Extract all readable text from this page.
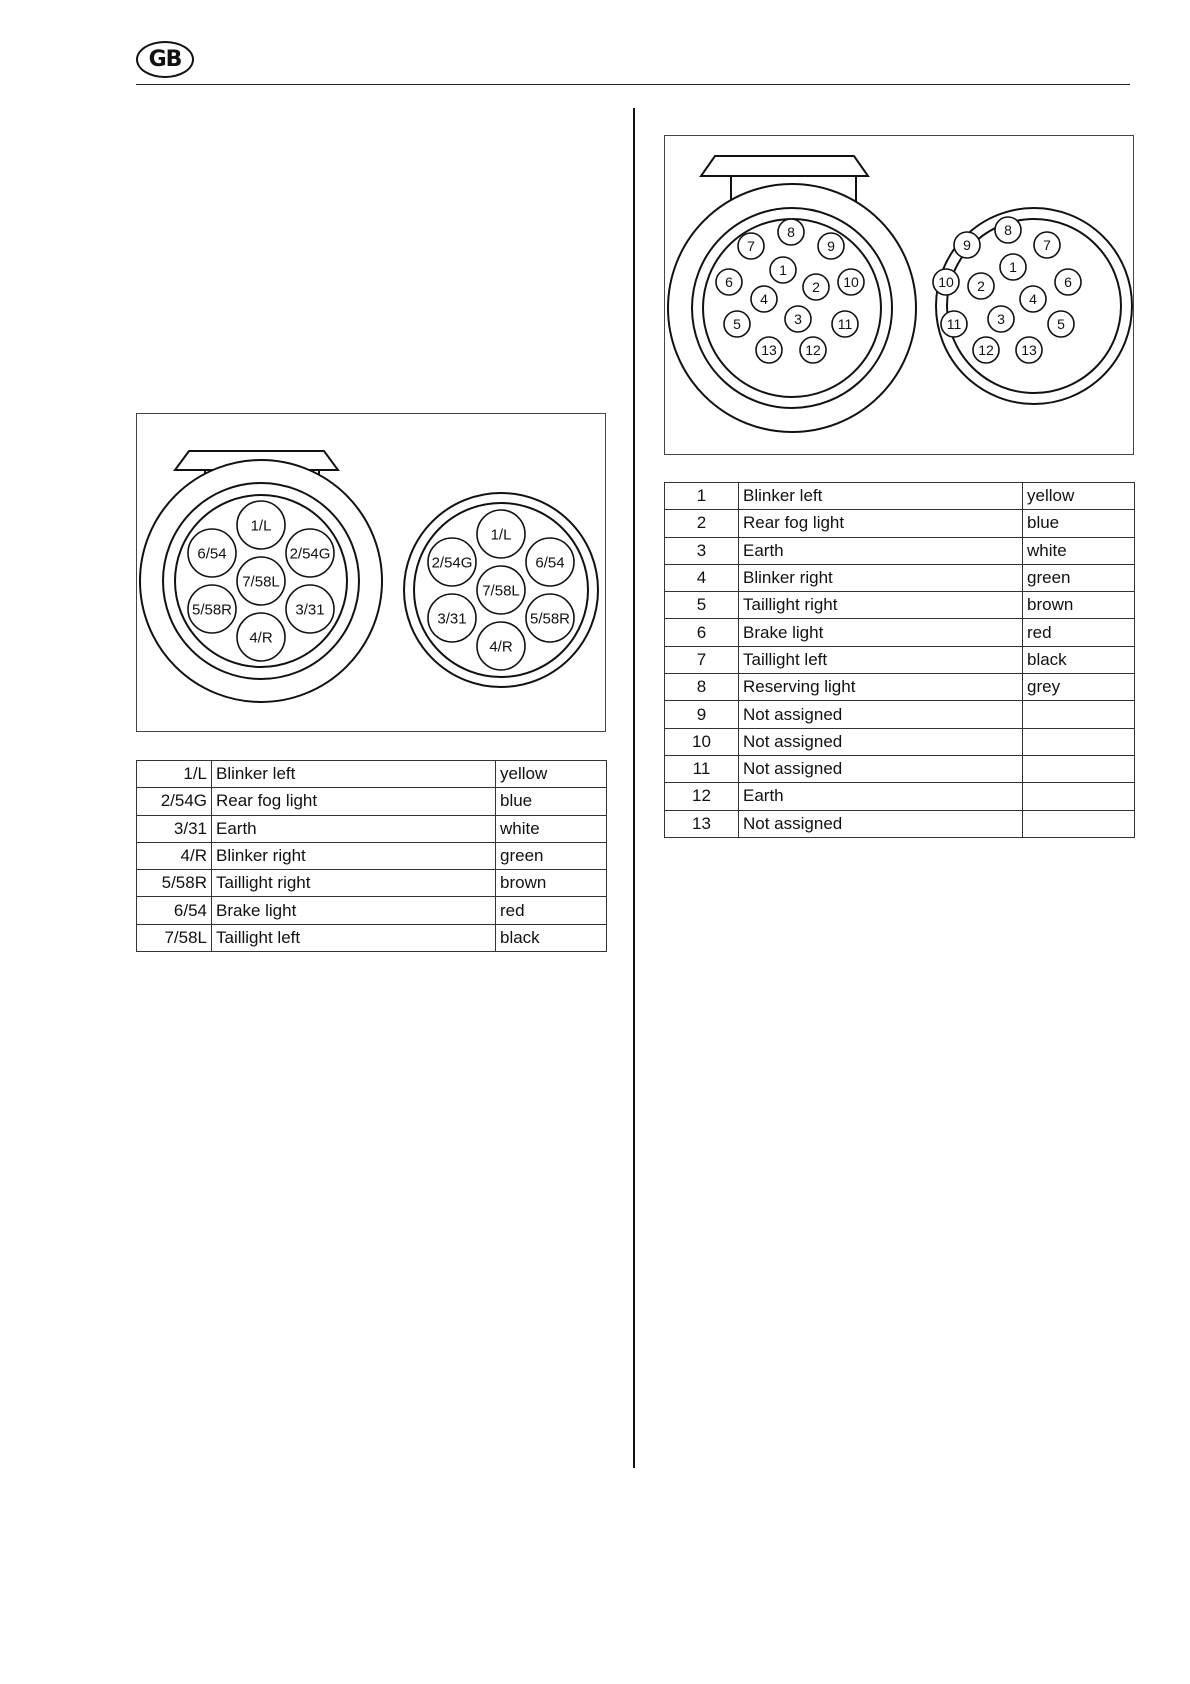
GB
1/L
2/54G
3/31
4/R
5/58R
6/54
7/58L
1/L
6/54
5/58R
4/R
3/31
2/54G
7/58L
1/L	Blinker left	yellow
2/54G	Rear fog light	blue
3/31	Earth	white
4/R	Blinker right	green
5/58R	Taillight right	brown
6/54	Brake light	red
7/58L	Taillight left	black
8
7	9
1
6	2 10
4
3
5	11
13 12
8
9	7
1
10 2	6
4
3
11	5
12 13
1	Blinker left	yellow
2	Rear fog light	blue
3	Earth	white
4	Blinker right	green
5	Taillight right	brown
6	Brake light	red
7	Taillight left	black
8	Reserving light	grey
9	Not assigned	
10	Not assigned	
11	Not assigned	
12	Earth	
13	Not assigned	
